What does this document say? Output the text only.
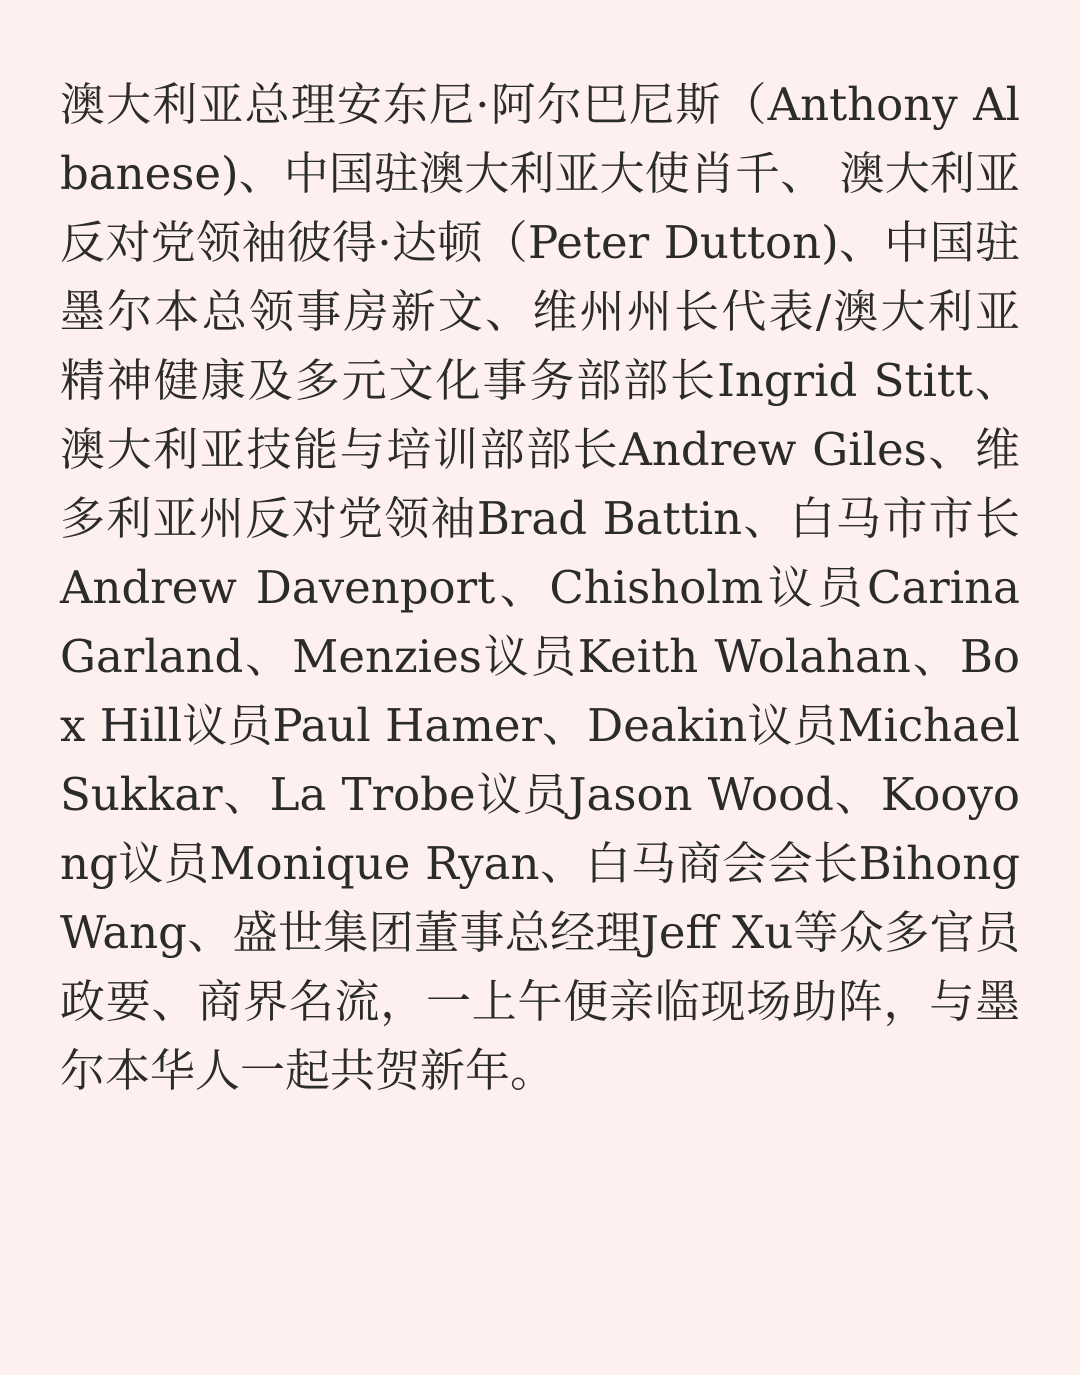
澳大利亚总理安东尼·阿尔巴尼斯（Anthony Albanese)、中国驻澳大利亚大使肖千、 澳大利亚反对党领袖彼得·达顿（Peter Dutton)、中国驻墨尔本总领事房新文、维州州长代表/澳大利亚精神健康及多元文化事务部部长Ingrid Stitt、澳大利亚技能与培训部部长Andrew Giles、维多利亚州反对党领袖Brad Battin、白马市市长Andrew Davenport、Chisholm议员Carina Garland、Menzies议员Keith Wolahan、Box Hill议员Paul Hamer、Deakin议员Michael Sukkar、La Trobe议员Jason Wood、Kooyong议员Monique Ryan、白马商会会长Bihong Wang、盛世集团董事总经理Jeff Xu等众多官员政要、商界名流，一上午便亲临现场助阵，与墨尔本华人一起共贺新年。
